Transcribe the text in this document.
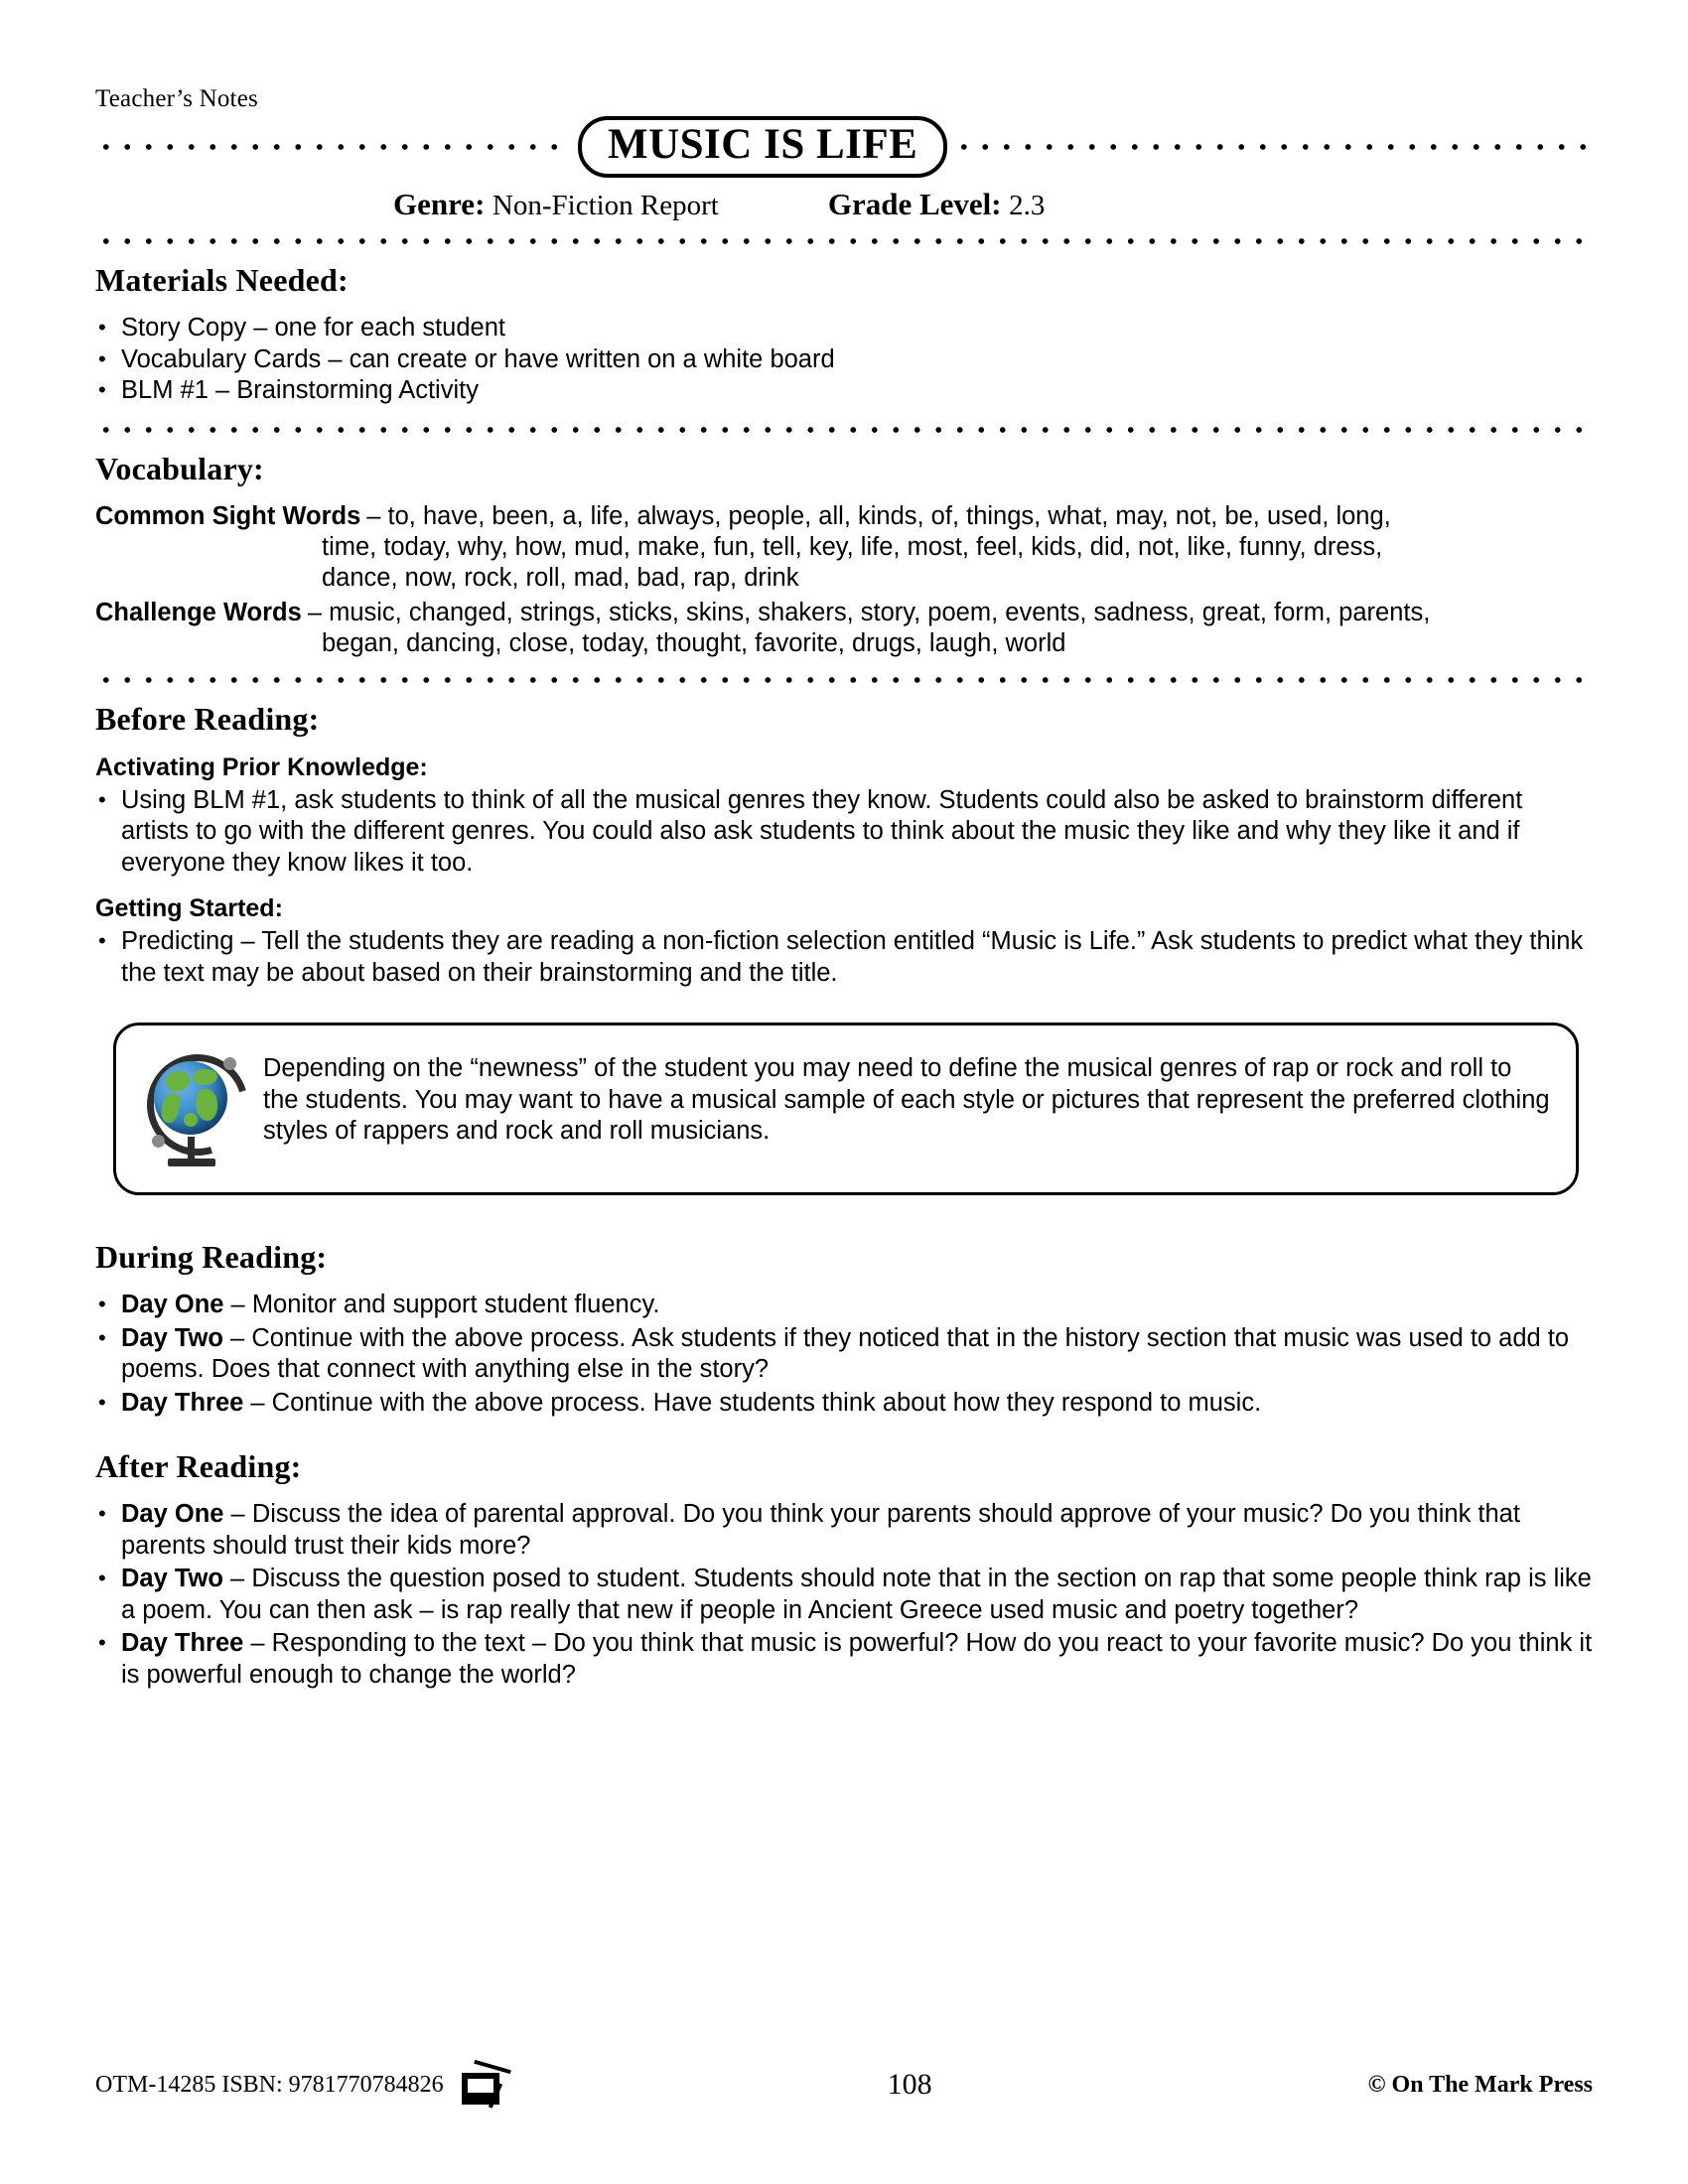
Teacher’s Notes
MUSIC IS LIFE
Genre: Non-Fiction Report	Grade Level: 2.3
Materials Needed:
• Story Copy – one for each student
• Vocabulary Cards – can create or have written on a white board
• BLM #1 – Brainstorming Activity
Vocabulary:
Common Sight Words – to, have, been, a, life, always, people, all, kinds, of, things, what, may, not, be, used, long,
time, today, why, how, mud, make, fun, tell, key, life, most, feel, kids, did, not, like, funny, dress,
dance, now, rock, roll, mad, bad, rap, drink
Challenge Words – music, changed, strings, sticks, skins, shakers, story, poem, events, sadness, great, form, parents,
began, dancing, close, today, thought, favorite, drugs, laugh, world
Before Reading:
Activating Prior Knowledge:
• Using BLM #1, ask students to think of all the musical genres they know. Students could also be asked to brainstorm different artists to go with the different genres. You could also ask students to think about the music they like and why they like it and if everyone they know likes it too.
Getting Started:
• Predicting – Tell the students they are reading a non-fiction selection entitled “Music is Life.” Ask students to predict what they think the text may be about based on their brainstorming and the title.
Depending on the “newness” of the student you may need to define the musical genres of rap or rock and roll to the students. You may want to have a musical sample of each style or pictures that represent the preferred clothing styles of rappers and rock and roll musicians.
During Reading:
• Day One – Monitor and support student fluency.
• Day Two – Continue with the above process. Ask students if they noticed that in the history section that music was used to add to poems. Does that connect with anything else in the story?
• Day Three – Continue with the above process. Have students think about how they respond to music.
After Reading:
• Day One – Discuss the idea of parental approval. Do you think your parents should approve of your music? Do you think that parents should trust their kids more?
• Day Two – Discuss the question posed to student. Students should note that in the section on rap that some people think rap is like a poem. You can then ask – is rap really that new if people in Ancient Greece used music and poetry together?
• Day Three – Responding to the text – Do you think that music is powerful? How do you react to your favorite music? Do you think it is powerful enough to change the world?
OTM-14285 ISBN: 9781770784826	108	© On The Mark Press
